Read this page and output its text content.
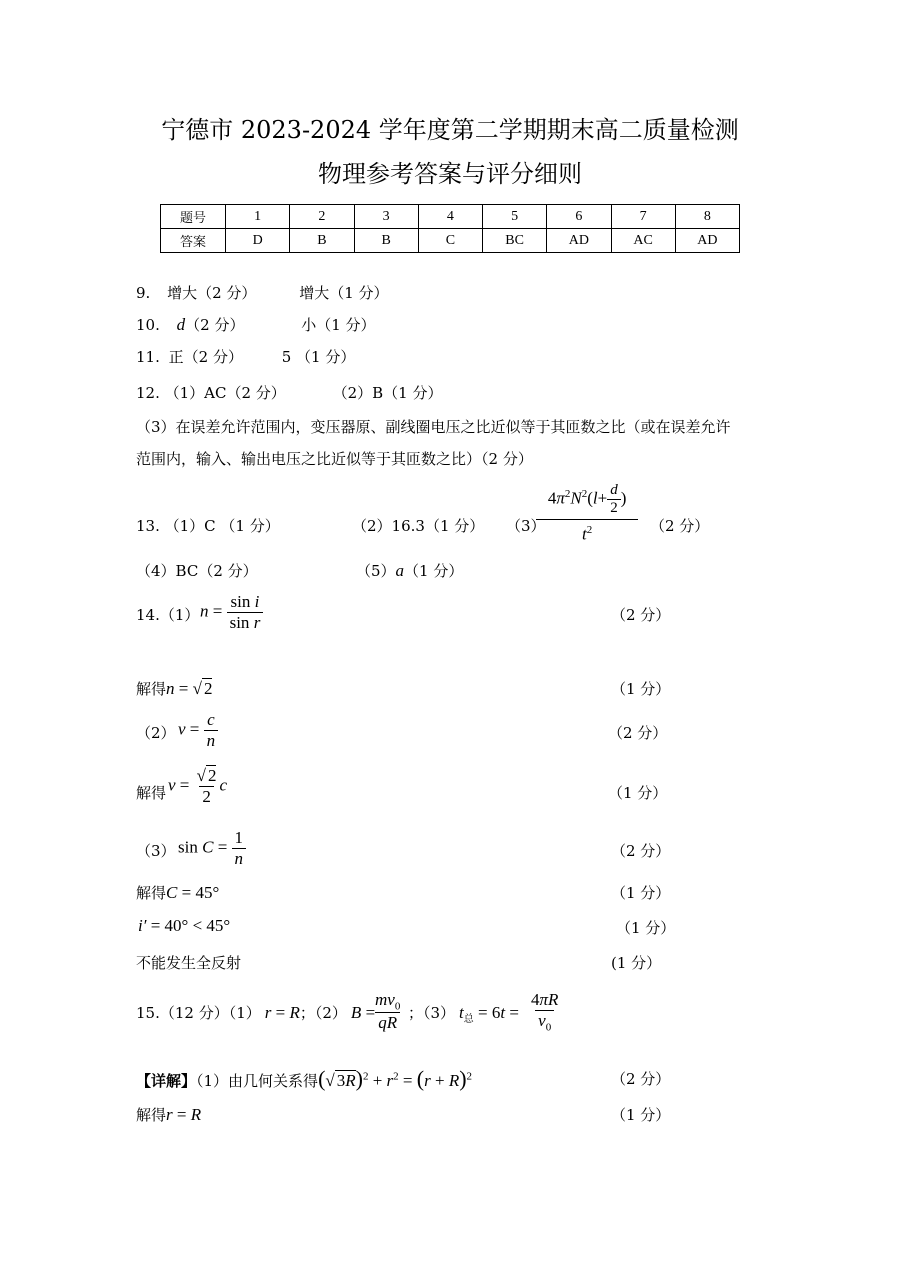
宁德市 2023-2024 学年度第二学期期末高二质量检测
物理参考答案与评分细则
题号	1	2	3	4	5	6	7	8
答案	D	B	B	C	BC	AD	AC	AD
9. 增大（2 分）	增大（1 分）
10. d（2 分）	小（1 分）
11. 正（2 分）	5 （1 分）
12. （1）AC（2 分）	（2）B（1 分）
（3）在误差允许范围内，变压器原、副线圈电压之比近似等于其匝数之比（或在误差允许
范围内，输入、输出电压之比近似等于其匝数之比）（2 分）
13. （1）C （1 分）	（2）16.3（1 分） （3）
$\frac{4\pi^2N^2(l+ \frac{d}{2} )}{t^2} (2$ 分）
（4）BC（2 分）	（5）a（1 分）
14.（1） $n = \frac{\text{sin i}}{\text{sin r}}$	（2 分）
解得n = √ 2	（1 分）
（2） $v = \frac{c}{n}$	（2 分）
解得 $v = \frac{√ 2}{2}$ c	（1 分）
（3） $\sin C = \frac{1}{n}$	（2 分）
解得C = 45°	（1 分）
i′ = 40° < 45°	（1 分）
不能发生全反射	(1 分）
15.（12 分）（1） r = R；（2） B =
$\frac{mv_0}{qR}$ ；（3） $t_总 = 6t = \frac{4\pi R}{v_0}$
【详解】（1）由几何关系得(√ $3R)^2 + r^2 = (r + R)^2$	（2 分）
解得r = R	（1 分）
